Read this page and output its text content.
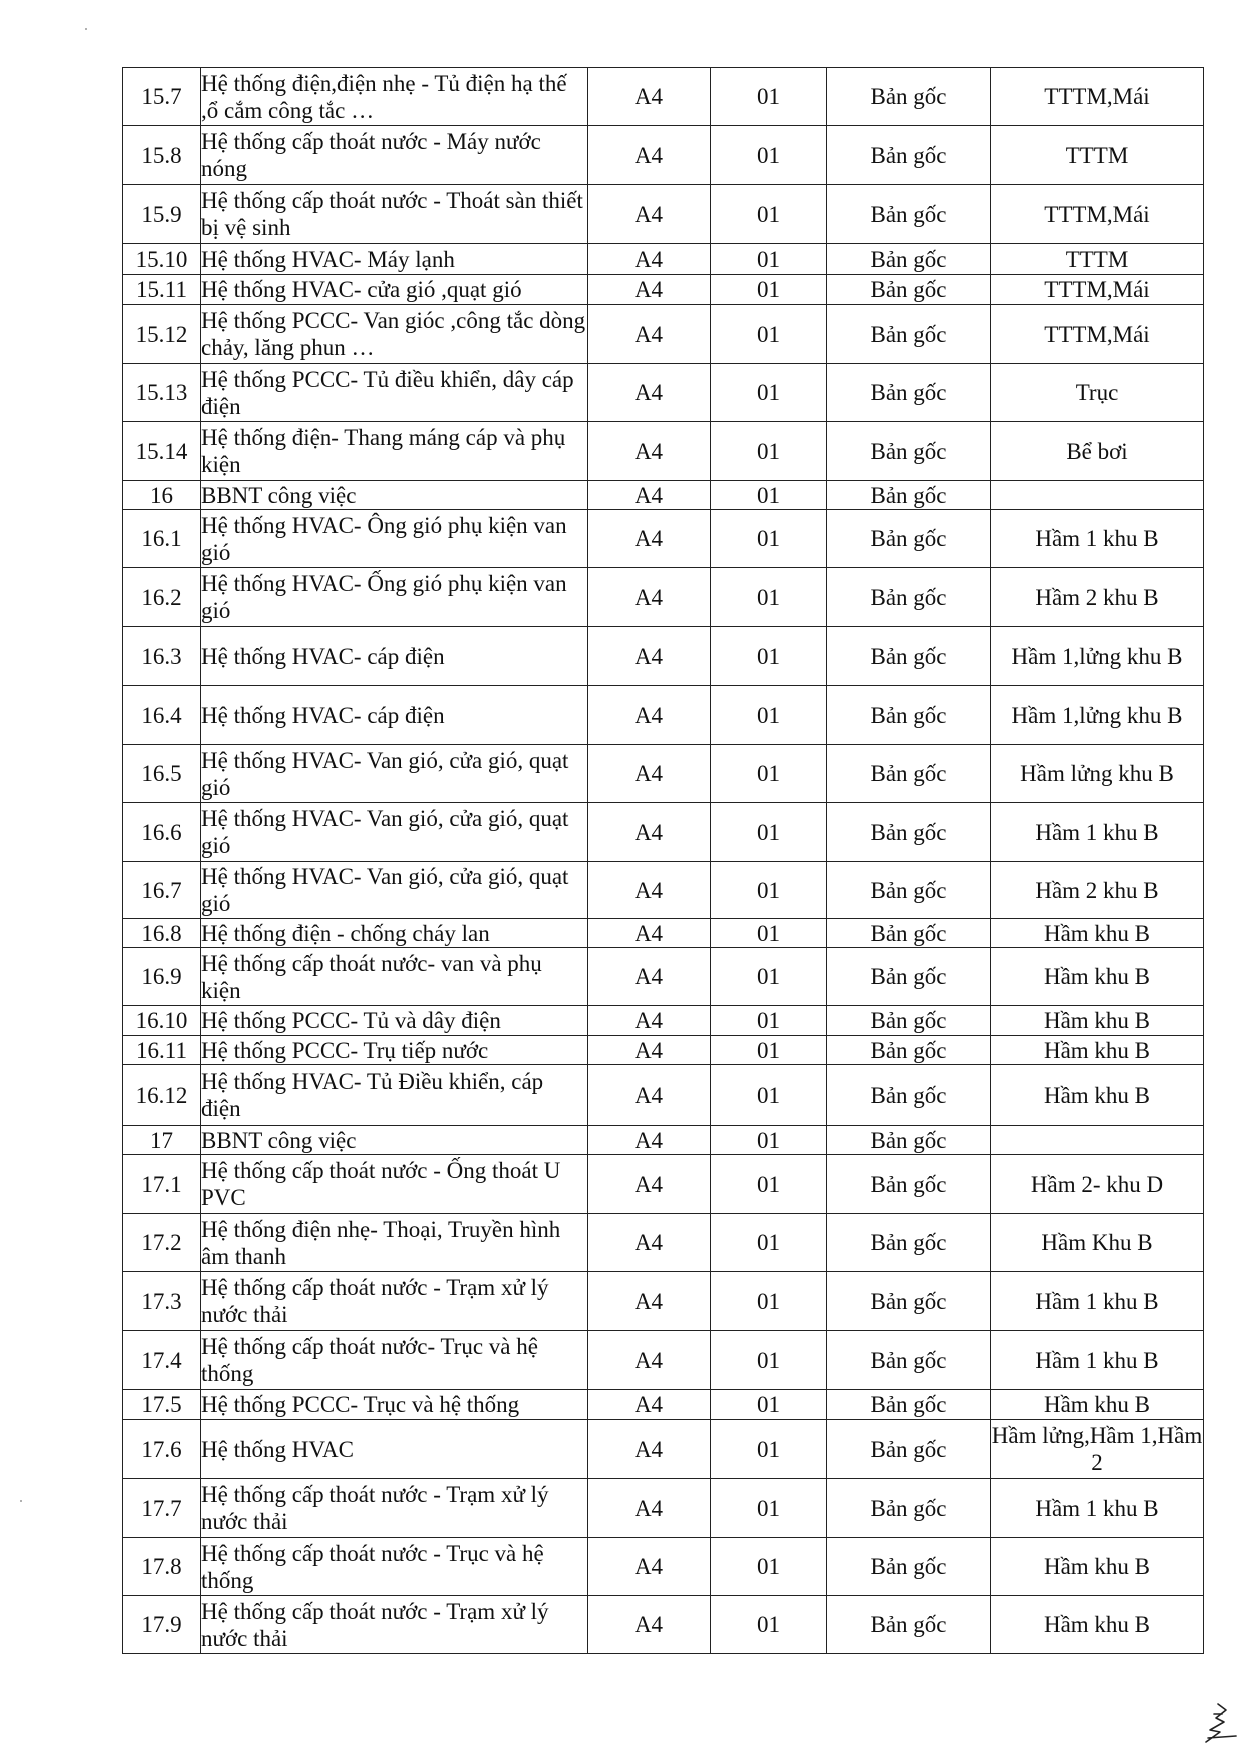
15.7	Hệ thống điện,điện nhẹ - Tủ điện hạ thế ,ổ cắm công tắc …	A4	01	Bản gốc	TTTM,Mái
15.8	Hệ thống cấp thoát nước - Máy nước nóng	A4	01	Bản gốc	TTTM
15.9	Hệ thống cấp thoát nước - Thoát sàn thiết bị vệ sinh	A4	01	Bản gốc	TTTM,Mái
15.10	Hệ thống HVAC- Máy lạnh	A4	01	Bản gốc	TTTM
15.11	Hệ thống HVAC- cửa gió ,quạt gió	A4	01	Bản gốc	TTTM,Mái
15.12	Hệ thống PCCC- Van gióc ,công tắc dòng chảy, lăng phun …	A4	01	Bản gốc	TTTM,Mái
15.13	Hệ thống PCCC- Tủ điều khiển, dây cáp điện	A4	01	Bản gốc	Trục
15.14	Hệ thống điện- Thang máng cáp và phụ kiện	A4	01	Bản gốc	Bể bơi
16	BBNT công việc	A4	01	Bản gốc	
16.1	Hệ thống HVAC- Ông gió phụ kiện van gió	A4	01	Bản gốc	Hầm 1 khu B
16.2	Hệ thống HVAC- Ống gió phụ kiện van gió	A4	01	Bản gốc	Hầm 2 khu B
16.3	Hệ thống HVAC- cáp điện	A4	01	Bản gốc	Hầm 1,lửng khu B
16.4	Hệ thống HVAC- cáp điện	A4	01	Bản gốc	Hầm 1,lửng khu B
16.5	Hệ thống HVAC- Van gió, cửa gió, quạt gió	A4	01	Bản gốc	Hầm lửng khu B
16.6	Hệ thống HVAC- Van gió, cửa gió, quạt gió	A4	01	Bản gốc	Hầm 1 khu B
16.7	Hệ thống HVAC- Van gió, cửa gió, quạt gió	A4	01	Bản gốc	Hầm 2 khu B
16.8	Hệ thống điện - chống cháy lan	A4	01	Bản gốc	Hầm khu B
16.9	Hệ thống cấp thoát nước- van và phụ kiện	A4	01	Bản gốc	Hầm khu B
16.10	Hệ thống PCCC- Tủ và dây điện	A4	01	Bản gốc	Hầm khu B
16.11	Hệ thống PCCC- Trụ tiếp nước	A4	01	Bản gốc	Hầm khu B
16.12	Hệ thống HVAC- Tủ Điều khiển, cáp điện	A4	01	Bản gốc	Hầm khu B
17	BBNT công việc	A4	01	Bản gốc	
17.1	Hệ thống cấp thoát nước - Ống thoát U PVC	A4	01	Bản gốc	Hầm 2- khu D
17.2	Hệ thống điện nhẹ- Thoại, Truyền hình âm thanh	A4	01	Bản gốc	Hầm Khu B
17.3	Hệ thống cấp thoát nước - Trạm xử lý nước thải	A4	01	Bản gốc	Hầm 1 khu B
17.4	Hệ thống cấp thoát nước- Trục và hệ thống	A4	01	Bản gốc	Hầm 1 khu B
17.5	Hệ thống PCCC- Trục và hệ thống	A4	01	Bản gốc	Hầm khu B
17.6	Hệ thống HVAC	A4	01	Bản gốc	Hầm lửng,Hầm 1,Hầm 2
17.7	Hệ thống cấp thoát nước - Trạm xử lý nước thải	A4	01	Bản gốc	Hầm 1 khu B
17.8	Hệ thống cấp thoát nước - Trục và hệ thống	A4	01	Bản gốc	Hầm khu B
17.9	Hệ thống cấp thoát nước - Trạm xử lý nước thải	A4	01	Bản gốc	Hầm khu B
